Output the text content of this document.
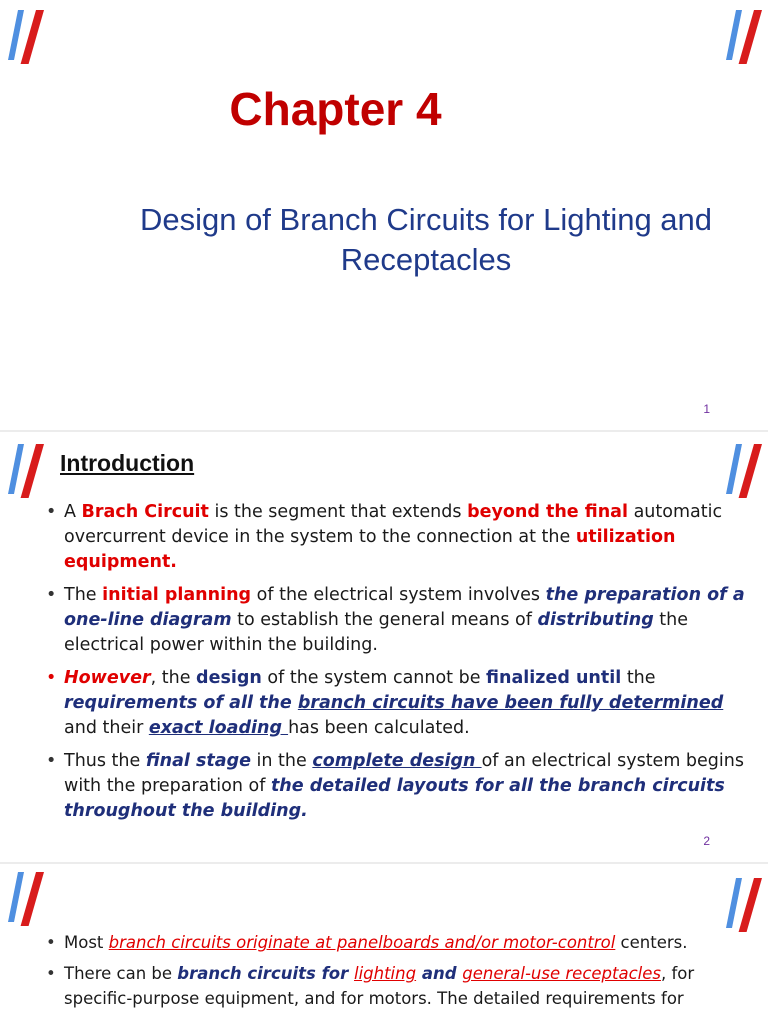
Chapter 4
Design of Branch Circuits for Lighting and
Receptacles
1
Introduction
• A Brach Circuit is the segment that extends beyond the final automatic overcurrent device in the system to the connection at the utilization equipment.
• The initial planning of the electrical system involves the preparation of a one-line diagram to establish the general means of distributing the electrical power within the building.
• However, the design of the system cannot be finalized until the requirements of all the branch circuits have been fully determined and their exact loading has been calculated.
• Thus the final stage in the complete design of an electrical system begins with the preparation of the detailed layouts for all the branch circuits throughout the building.
2
• Most branch circuits originate at panelboards and/or motor-control centers.
• There can be branch circuits for lighting and general-use receptacles, for specific-purpose equipment, and for motors. The detailed requirements for
